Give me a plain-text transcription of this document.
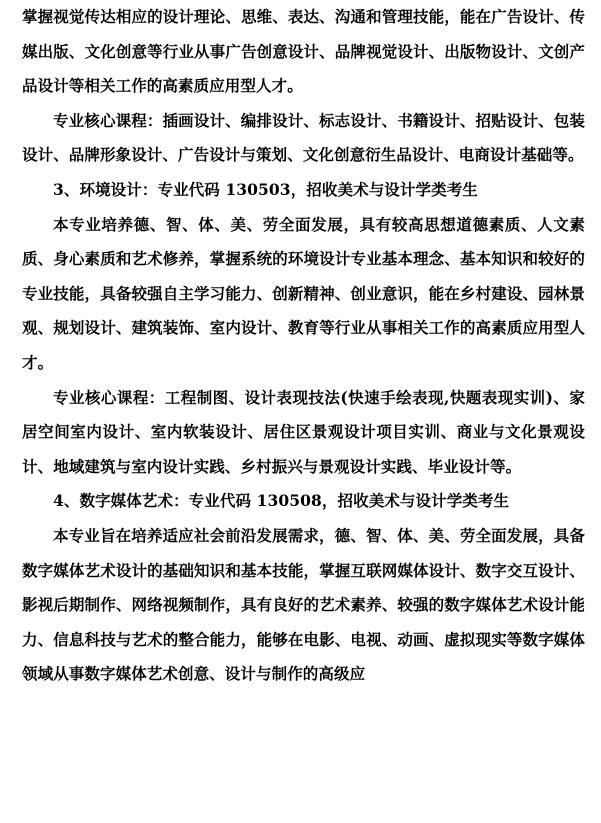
掌握视觉传达相应的设计理论、思维、表达、沟通和管理技能，能在广告设计、传媒出版、文化创意等行业从事广告创意设计、品牌视觉设计、出版物设计、文创产品设计等相关工作的高素质应用型人才。

专业核心课程：插画设计、编排设计、标志设计、书籍设计、招贴设计、包装设计、品牌形象设计、广告设计与策划、文化创意衍生品设计、电商设计基础等。

3、环境设计：专业代码 130503，招收美术与设计学类考生

本专业培养德、智、体、美、劳全面发展，具有较高思想道德素质、人文素质、身心素质和艺术修养，掌握系统的环境设计专业基本理念、基本知识和较好的专业技能，具备较强自主学习能力、创新精神、创业意识，能在乡村建设、园林景观、规划设计、建筑装饰、室内设计、教育等行业从事相关工作的高素质应用型人才。

专业核心课程：工程制图、设计表现技法(快速手绘表现,快题表现实训)、家居空间室内设计、室内软装设计、居住区景观设计项目实训、商业与文化景观设计、地域建筑与室内设计实践、乡村振兴与景观设计实践、毕业设计等。

4、数字媒体艺术：专业代码 130508，招收美术与设计学类考生

本专业旨在培养适应社会前沿发展需求，德、智、体、美、劳全面发展，具备数字媒体艺术设计的基础知识和基本技能，掌握互联网媒体设计、数字交互设计、影视后期制作、网络视频制作，具有良好的艺术素养、较强的数字媒体艺术设计能力、信息科技与艺术的整合能力，能够在电影、电视、动画、虚拟现实等数字媒体领域从事数字媒体艺术创意、设计与制作的高级应
